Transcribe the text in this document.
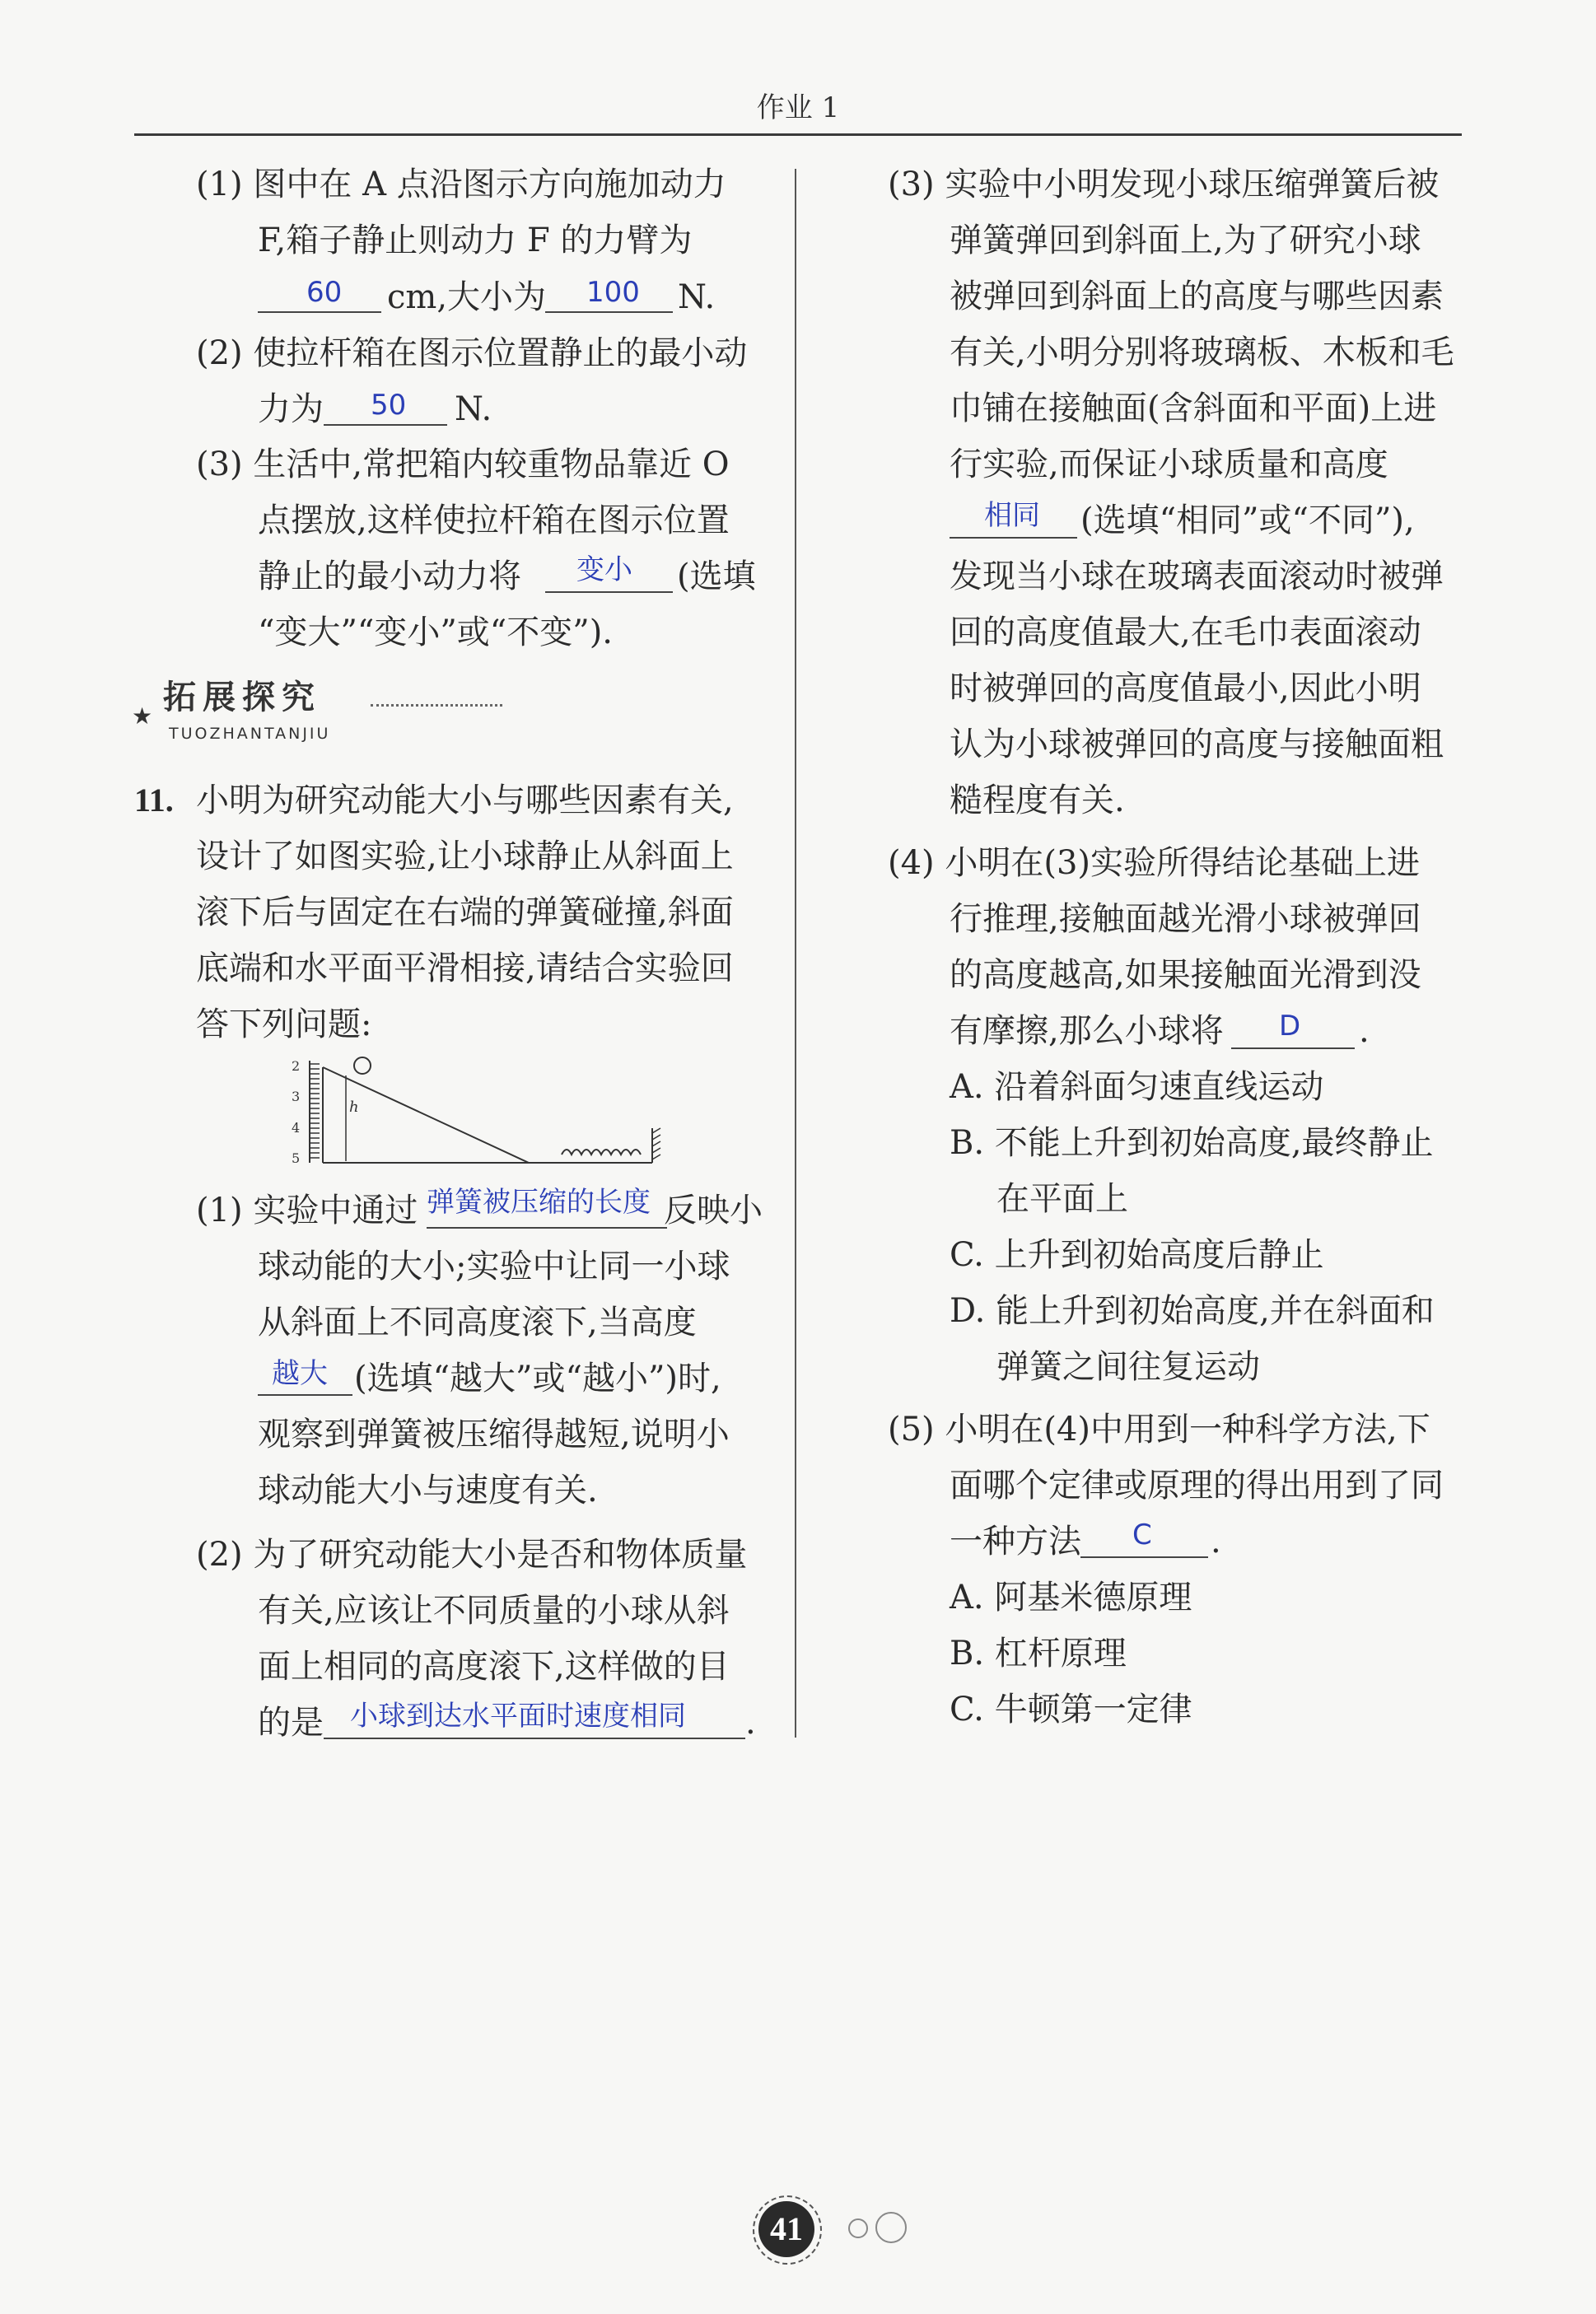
作业 1
(1) 图中在 A 点沿图示方向施加动力
F,箱子静止则动力 F 的力臂为
60 cm,大小为 100 N.
(2) 使拉杆箱在图示位置静止的最小动
力为 50 N.
(3) 生活中,常把箱内较重物品靠近 O
点摆放,这样使拉杆箱在图示位置
静止的最小动力将 变小 (选填
“变大”“变小”或“不变”).
★ 拓展探究
TUOZHANTANJIU
11. 小明为研究动能大小与哪些因素有关,
设计了如图实验,让小球静止从斜面上
滚下后与固定在右端的弹簧碰撞,斜面
底端和水平面平滑相接,请结合实验回
答下列问题:
2
3
4
5
h
(1) 实验中通过 弹簧被压缩的长度 反映小
球动能的大小;实验中让同一小球
从斜面上不同高度滚下,当高度
越大 (选填“越大”或“越小”)时,
观察到弹簧被压缩得越短,说明小
球动能大小与速度有关.
(2) 为了研究动能大小是否和物体质量
有关,应该让不同质量的小球从斜
面上相同的高度滚下,这样做的目
的是 小球到达水平面时速度相同 .
(3) 实验中小明发现小球压缩弹簧后被
弹簧弹回到斜面上,为了研究小球
被弹回到斜面上的高度与哪些因素
有关,小明分别将玻璃板、木板和毛
巾铺在接触面(含斜面和平面)上进
行实验,而保证小球质量和高度
相同 (选填“相同”或“不同”),
发现当小球在玻璃表面滚动时被弹
回的高度值最大,在毛巾表面滚动
时被弹回的高度值最小,因此小明
认为小球被弹回的高度与接触面粗
糙程度有关.
(4) 小明在(3)实验所得结论基础上进
行推理,接触面越光滑小球被弹回
的高度越高,如果接触面光滑到没
有摩擦,那么小球将 D .
A. 沿着斜面匀速直线运动
B. 不能上升到初始高度,最终静止
在平面上
C. 上升到初始高度后静止
D. 能上升到初始高度,并在斜面和
弹簧之间往复运动
(5) 小明在(4)中用到一种科学方法,下
面哪个定律或原理的得出用到了同
一种方法 C .
A. 阿基米德原理
B. 杠杆原理
C. 牛顿第一定律
41
